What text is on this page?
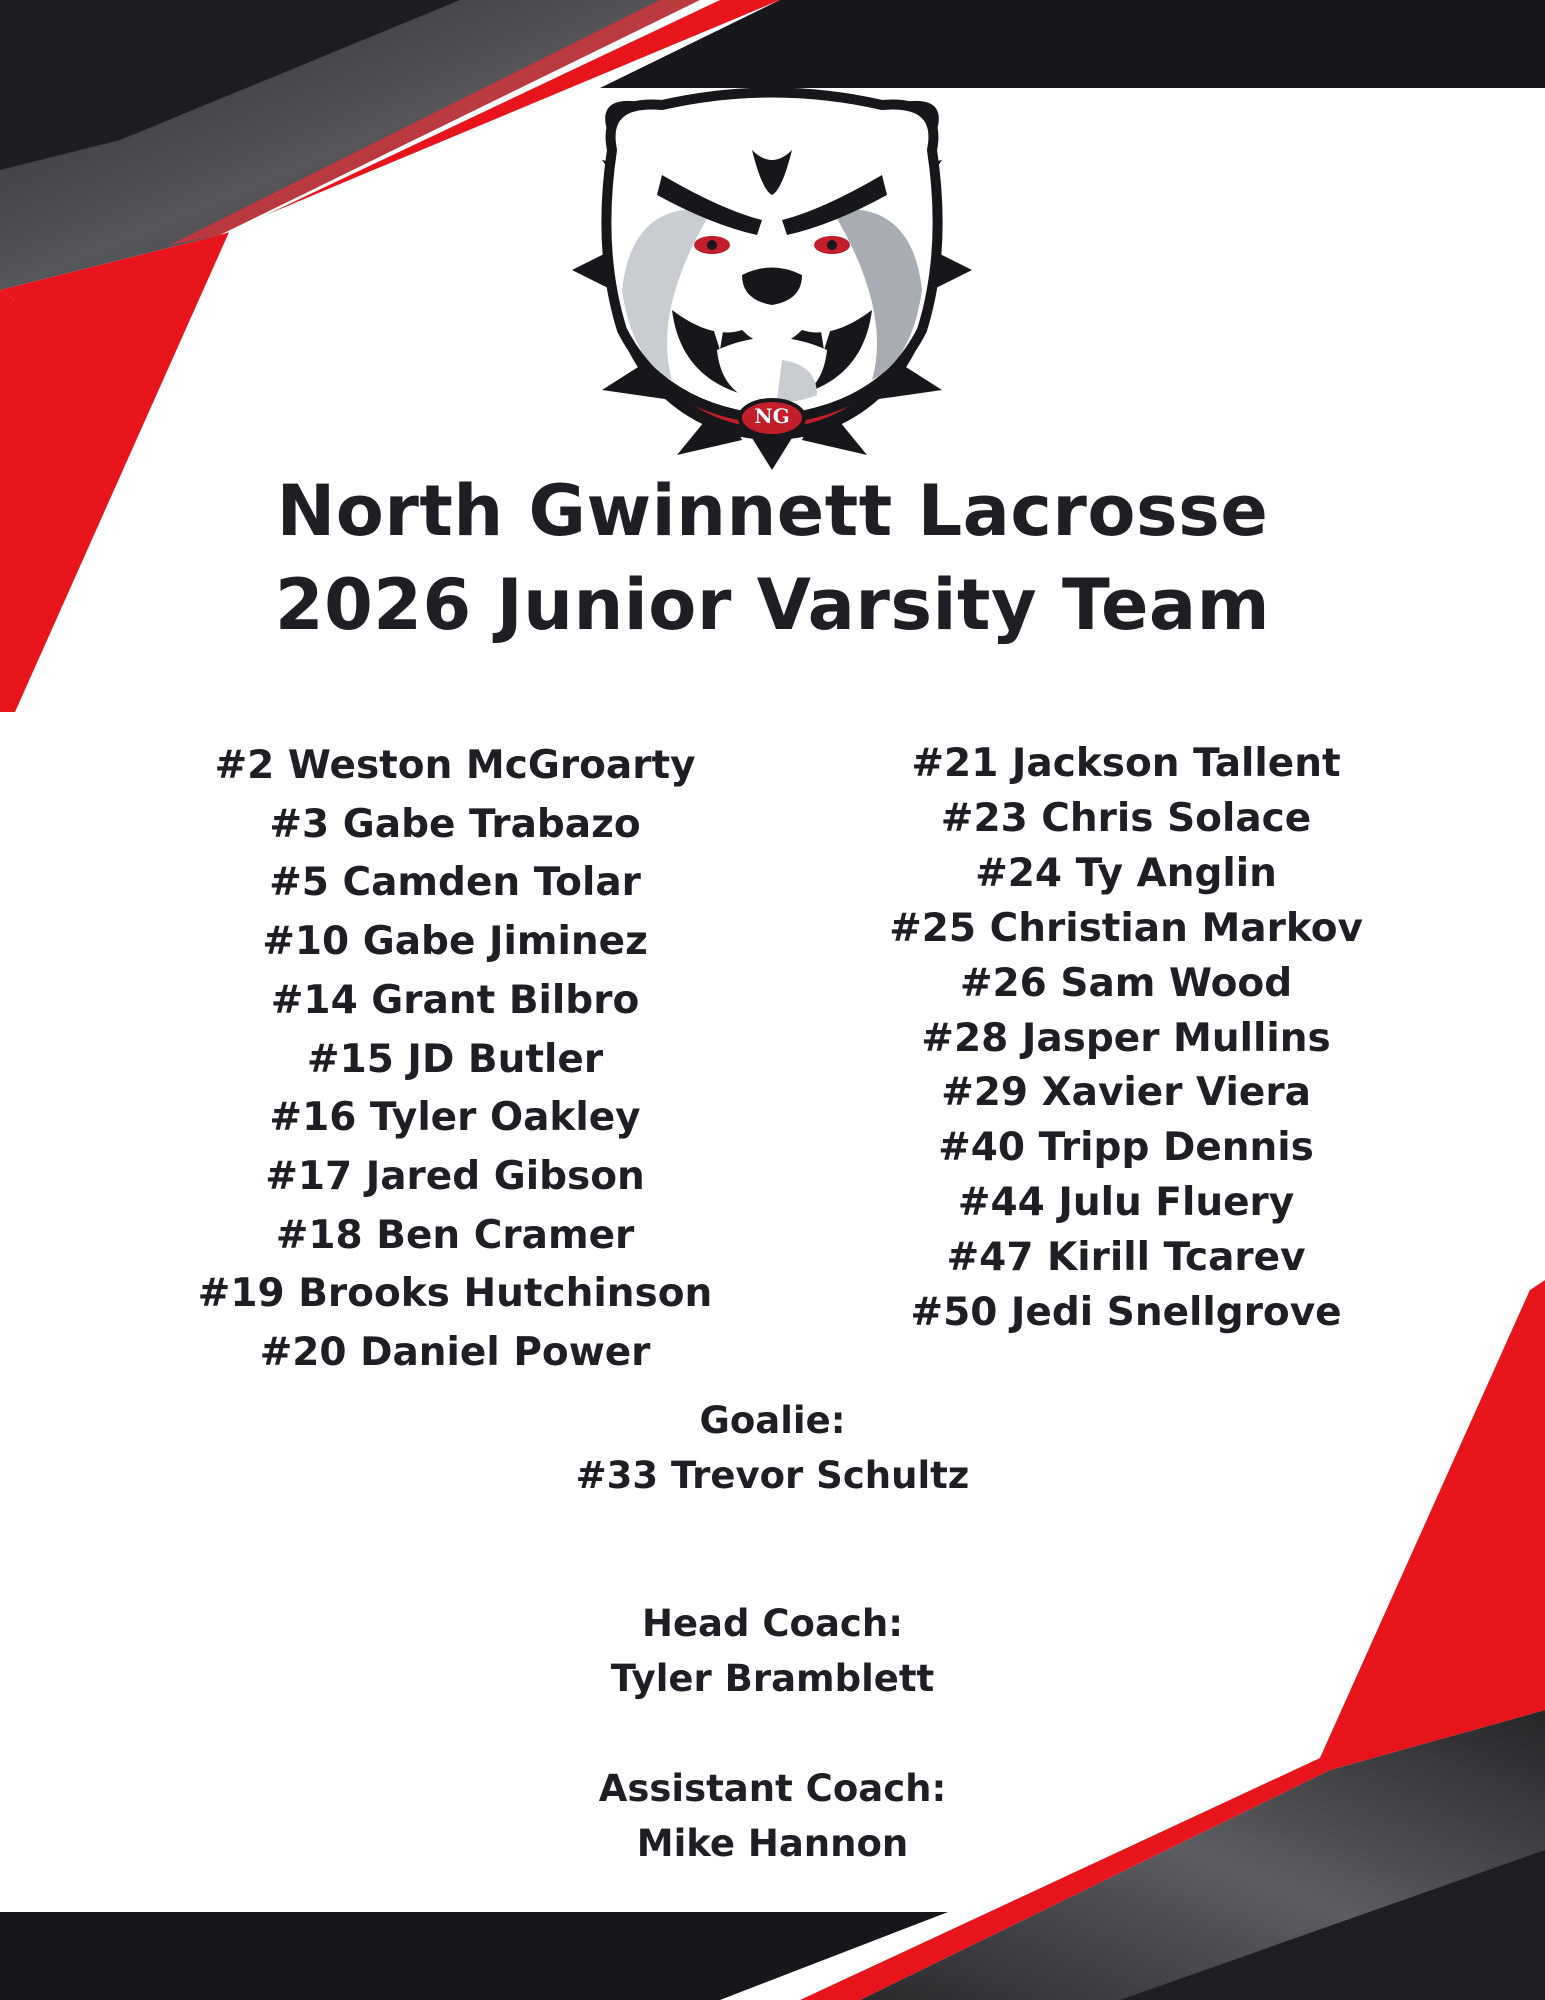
NG
North Gwinnett Lacrosse
2026 Junior Varsity Team
#2 Weston McGroarty
#3 Gabe Trabazo
#5 Camden Tolar
#10 Gabe Jiminez
#14 Grant Bilbro
#15 JD Butler
#16 Tyler Oakley
#17 Jared Gibson
#18 Ben Cramer
#19 Brooks Hutchinson
#20 Daniel Power
#21 Jackson Tallent
#23 Chris Solace
#24 Ty Anglin
#25 Christian Markov
#26 Sam Wood
#28 Jasper Mullins
#29 Xavier Viera
#40 Tripp Dennis
#44 Julu Fluery
#47 Kirill Tcarev
#50 Jedi Snellgrove
Goalie:
#33 Trevor Schultz
Head Coach:
Tyler Bramblett
Assistant Coach:
Mike Hannon
